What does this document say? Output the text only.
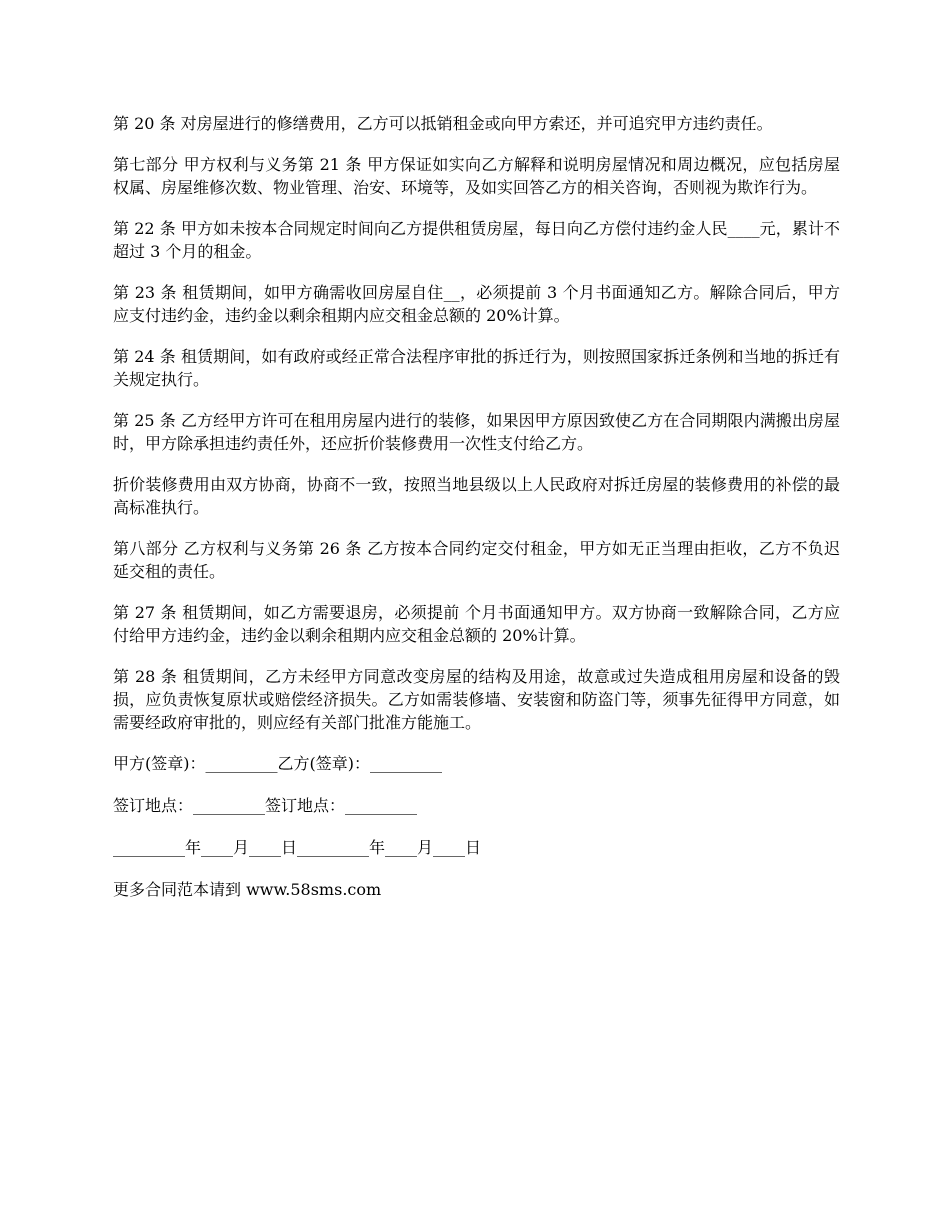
第 20 条 对房屋进行的修缮费用，乙方可以抵销租金或向甲方索还，并可追究甲方违约责任。

第七部分 甲方权利与义务第 21 条 甲方保证如实向乙方解释和说明房屋情况和周边概况，应包括房屋权属、房屋维修次数、物业管理、治安、环境等，及如实回答乙方的相关咨询，否则视为欺诈行为。

第 22 条 甲方如未按本合同规定时间向乙方提供租赁房屋，每日向乙方偿付违约金人民____元，累计不超过 3 个月的租金。

第 23 条 租赁期间，如甲方确需收回房屋自住__，必须提前 3 个月书面通知乙方。解除合同后，甲方应支付违约金，违约金以剩余租期内应交租金总额的 20%计算。

第 24 条 租赁期间，如有政府或经正常合法程序审批的拆迁行为，则按照国家拆迁条例和当地的拆迁有关规定执行。

第 25 条 乙方经甲方许可在租用房屋内进行的装修，如果因甲方原因致使乙方在合同期限内满搬出房屋时，甲方除承担违约责任外，还应折价装修费用一次性支付给乙方。

折价装修费用由双方协商，协商不一致，按照当地县级以上人民政府对拆迁房屋的装修费用的补偿的最高标准执行。

第八部分 乙方权利与义务第 26 条 乙方按本合同约定交付租金，甲方如无正当理由拒收，乙方不负迟延交租的责任。

第 27 条 租赁期间，如乙方需要退房，必须提前 个月书面通知甲方。双方协商一致解除合同，乙方应付给甲方违约金，违约金以剩余租期内应交租金总额的 20%计算。

第 28 条 租赁期间，乙方未经甲方同意改变房屋的结构及用途，故意或过失造成租用房屋和设备的毁损，应负责恢复原状或赔偿经济损失。乙方如需装修墙、安装窗和防盗门等，须事先征得甲方同意，如需要经政府审批的，则应经有关部门批准方能施工。

甲方(签章)：_________乙方(签章)：_________

签订地点：_________签订地点：_________

_________年____月____日_________年____月____日

更多合同范本请到 www.58sms.com
